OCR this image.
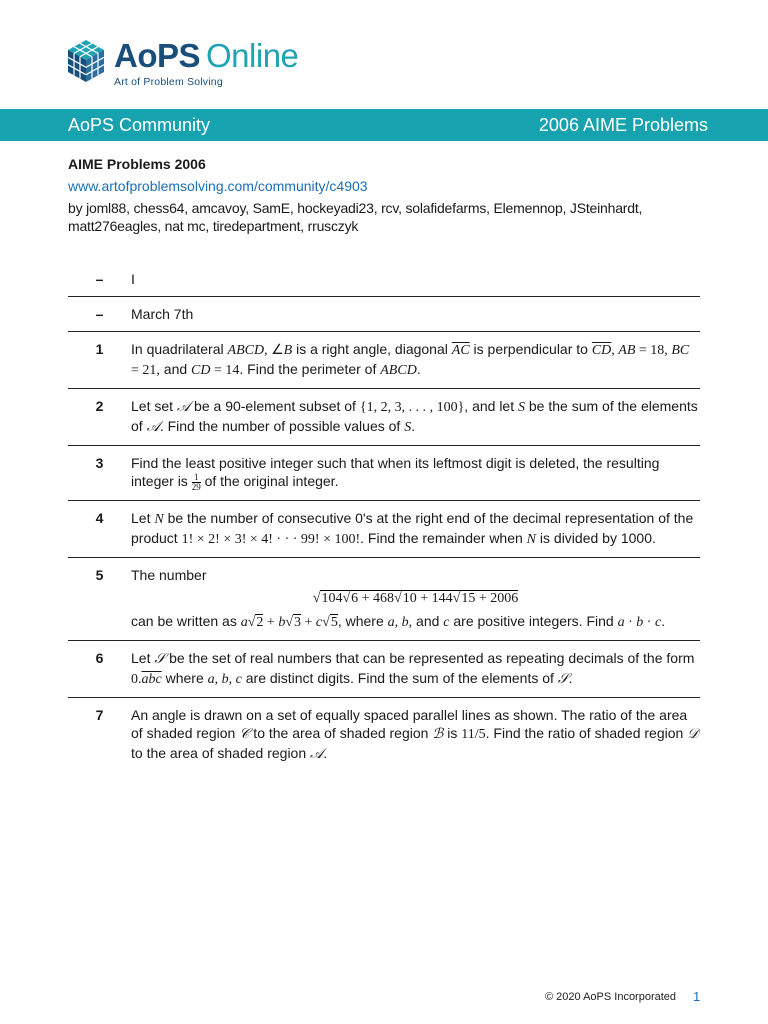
AoPS Online
Art of Problem Solving
AoPS Community	2006 AIME Problems
AIME Problems 2006
www.artofproblemsolving.com/community/c4903
by joml88, chess64, amcavoy, SamE, hockeyadi23, rcv, solafidefarms, Elemennop, JSteinhardt, matt276eagles, nat mc, tiredepartment, rrusczyk
–	I
–	March 7th
1	In quadrilateral ABCD, ∠B is a right angle, diagonal $\overline{AC}$ is perpendicular to $\overline{CD}$, AB = 18, BC = 21, and CD = 14. Find the perimeter of ABCD.
2	Let set 𝒜 be a 90-element subset of {1, 2, 3, . . . , 100}, and let S be the sum of the elements of 𝒜. Find the number of possible values of S.
3	Find the least positive integer such that when its leftmost digit is deleted, the resulting integer is $\frac{1}{29}$ of the original integer.
4	Let N be the number of consecutive 0's at the right end of the decimal representation of the product 1! × 2! × 3! × 4! · · · 99! × 100!. Find the remainder when N is divided by 1000.
5	The number
√104√6 + 468√10 + 144√15 + 2006
can be written as a√2 + b√3 + c√5, where a, b, and c are positive integers. Find a · b · c.
6	Let 𝒮 be the set of real numbers that can be represented as repeating decimals of the form $0.\overline{abc}$ where a, b, c are distinct digits. Find the sum of the elements of 𝒮.
7	An angle is drawn on a set of equally spaced parallel lines as shown. The ratio of the area of shaded region 𝒞 to the area of shaded region ℬ is 11/5. Find the ratio of shaded region 𝒟 to the area of shaded region 𝒜.
© 2020 AoPS Incorporated 1
